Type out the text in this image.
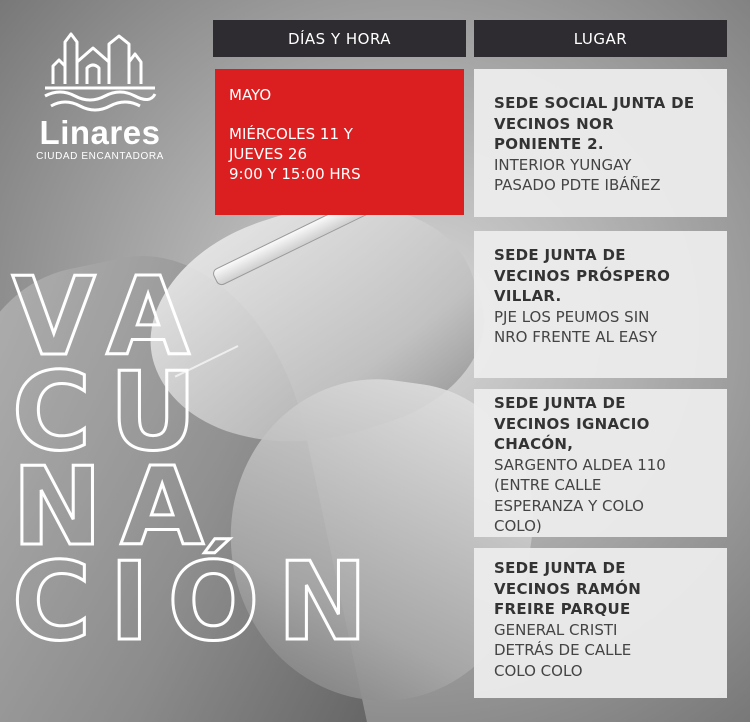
Linares
CIUDAD ENCANTADORA
VA
CU
NA
CIÓN
DÍAS Y HORA	LUGAR
MAYO
MIÉRCOLES 11 Y
JUEVES 26
9:00 Y 15:00 HRS
SEDE SOCIAL JUNTA DE
VECINOS NOR
PONIENTE 2.
INTERIOR YUNGAY
PASADO PDTE IBÁÑEZ
SEDE JUNTA DE
VECINOS PRÓSPERO
VILLAR.
PJE LOS PEUMOS SIN
NRO FRENTE AL EASY
SEDE JUNTA DE
VECINOS IGNACIO
CHACÓN,
SARGENTO ALDEA 110
(ENTRE CALLE
ESPERANZA Y COLO
COLO)
SEDE JUNTA DE
VECINOS RAMÓN
FREIRE PARQUE
GENERAL CRISTI
DETRÁS DE CALLE
COLO COLO
